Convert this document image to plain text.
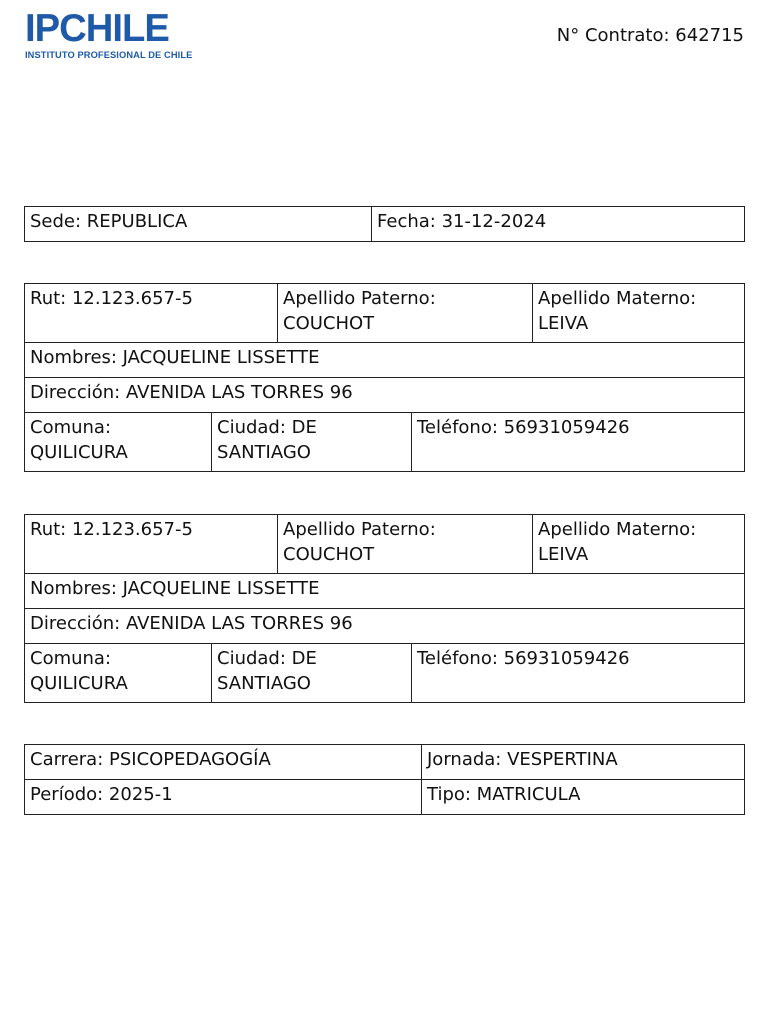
IPCHILE
INSTITUTO PROFESIONAL DE CHILE
N° Contrato: 642715
Sede: REPUBLICA	Fecha: 31-12-2024
Rut: 12.123.657-5		Apellido Paterno: COUCHOT		Apellido Materno: LEIVA
Nombres: JACQUELINE LISSETTE				
Dirección: AVENIDA LAS TORRES 96				
Comuna: QUILICURA	Ciudad: DE SANTIAGO		Teléfono: 56931059426	
Rut: 12.123.657-5		Apellido Paterno: COUCHOT		Apellido Materno: LEIVA
Nombres: JACQUELINE LISSETTE				
Dirección: AVENIDA LAS TORRES 96				
Comuna: QUILICURA	Ciudad: DE SANTIAGO		Teléfono: 56931059426	
Carrera: PSICOPEDAGOGÍA	Jornada: VESPERTINA
Período: 2025-1	Tipo: MATRICULA
